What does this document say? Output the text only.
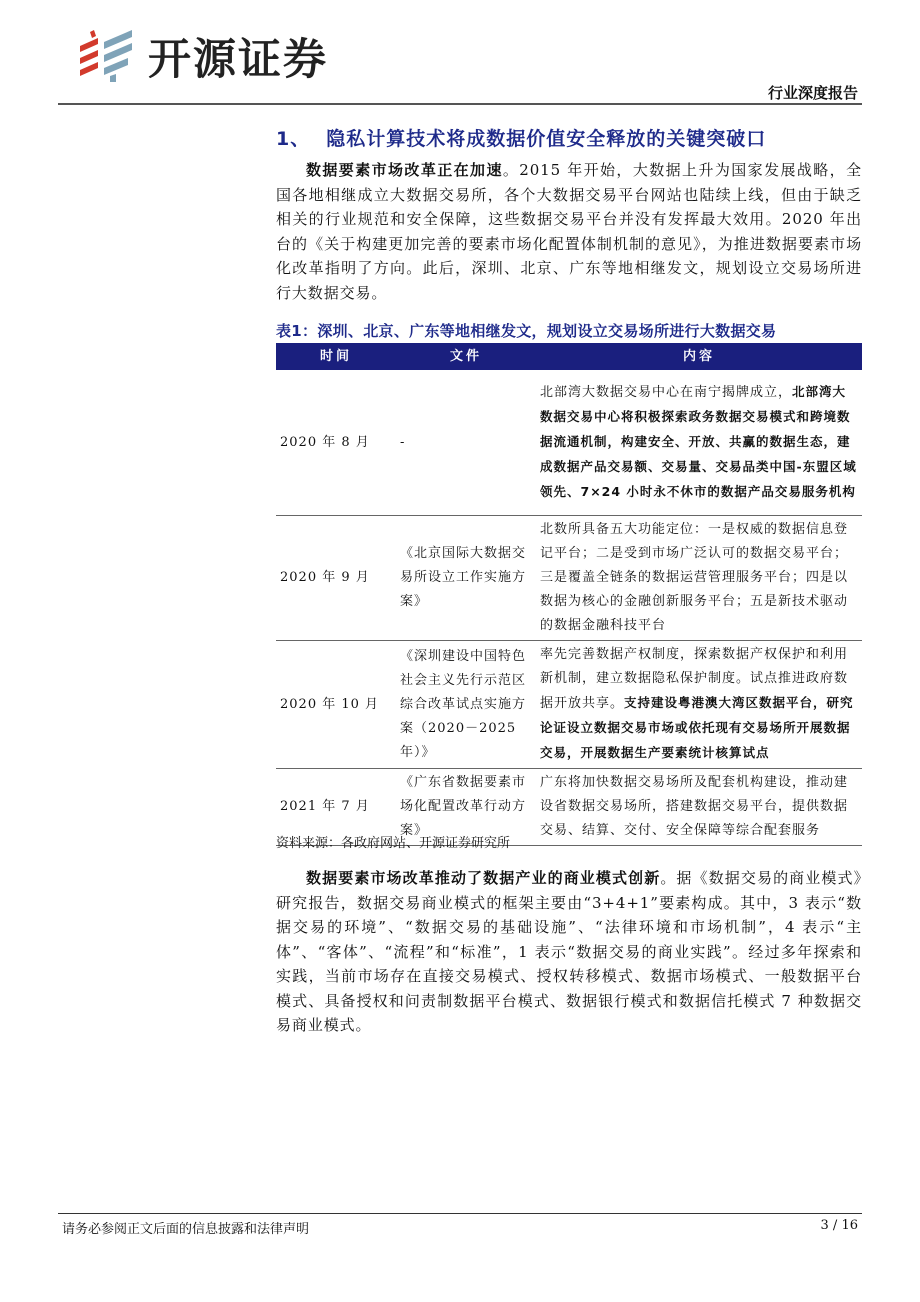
开源证券
行业深度报告
1、 隐私计算技术将成数据价值安全释放的关键突破口

数据要素市场改革正在加速。2015 年开始，大数据上升为国家发展战略，全国各地相继成立大数据交易所，各个大数据交易平台网站也陆续上线，但由于缺乏相关的行业规范和安全保障，这些数据交易平台并没有发挥最大效用。2020 年出台的《关于构建更加完善的要素市场化配置体制机制的意见》，为推进数据要素市场化改革指明了方向。此后，深圳、北京、广东等地相继发文，规划设立交易场所进行大数据交易。

表1：深圳、北京、广东等地相继发文，规划设立交易场所进行大数据交易
时间	文件	内容
2020 年 8 月	-	北部湾大数据交易中心在南宁揭牌成立，北部湾大数据交易中心将积极探索政务数据交易模式和跨境数据流通机制，构建安全、开放、共赢的数据生态，建成数据产品交易额、交易量、交易品类中国-东盟区域领先、7×24 小时永不休市的数据产品交易服务机构
2020 年 9 月	《北京国际大数据交易所设立工作实施方案》	北数所具备五大功能定位：一是权威的数据信息登记平台；二是受到市场广泛认可的数据交易平台；三是覆盖全链条的数据运营管理服务平台；四是以数据为核心的金融创新服务平台；五是新技术驱动的数据金融科技平台
2020 年 10 月	《深圳建设中国特色社会主义先行示范区综合改革试点实施方案（2020－2025 年）》	率先完善数据产权制度，探索数据产权保护和利用新机制，建立数据隐私保护制度。试点推进政府数据开放共享。支持建设粤港澳大湾区数据平台，研究论证设立数据交易市场或依托现有交易场所开展数据交易，开展数据生产要素统计核算试点
2021 年 7 月	《广东省数据要素市场化配置改革行动方案》	广东将加快数据交易场所及配套机构建设，推动建设省数据交易场所，搭建数据交易平台，提供数据交易、结算、交付、安全保障等综合配套服务
资料来源：各政府网站、开源证券研究所

数据要素市场改革推动了数据产业的商业模式创新。据《数据交易的商业模式》研究报告，数据交易商业模式的框架主要由“3+4+1”要素构成。其中，3 表示“数据交易的环境”、“数据交易的基础设施”、“法律环境和市场机制”，4 表示“主体”、“客体”、“流程”和“标准”，1 表示“数据交易的商业实践”。经过多年探索和实践，当前市场存在直接交易模式、授权转移模式、数据市场模式、一般数据平台模式、具备授权和问责制数据平台模式、数据银行模式和数据信托模式 7 种数据交易商业模式。

请务必参阅正文后面的信息披露和法律声明	3 / 16
